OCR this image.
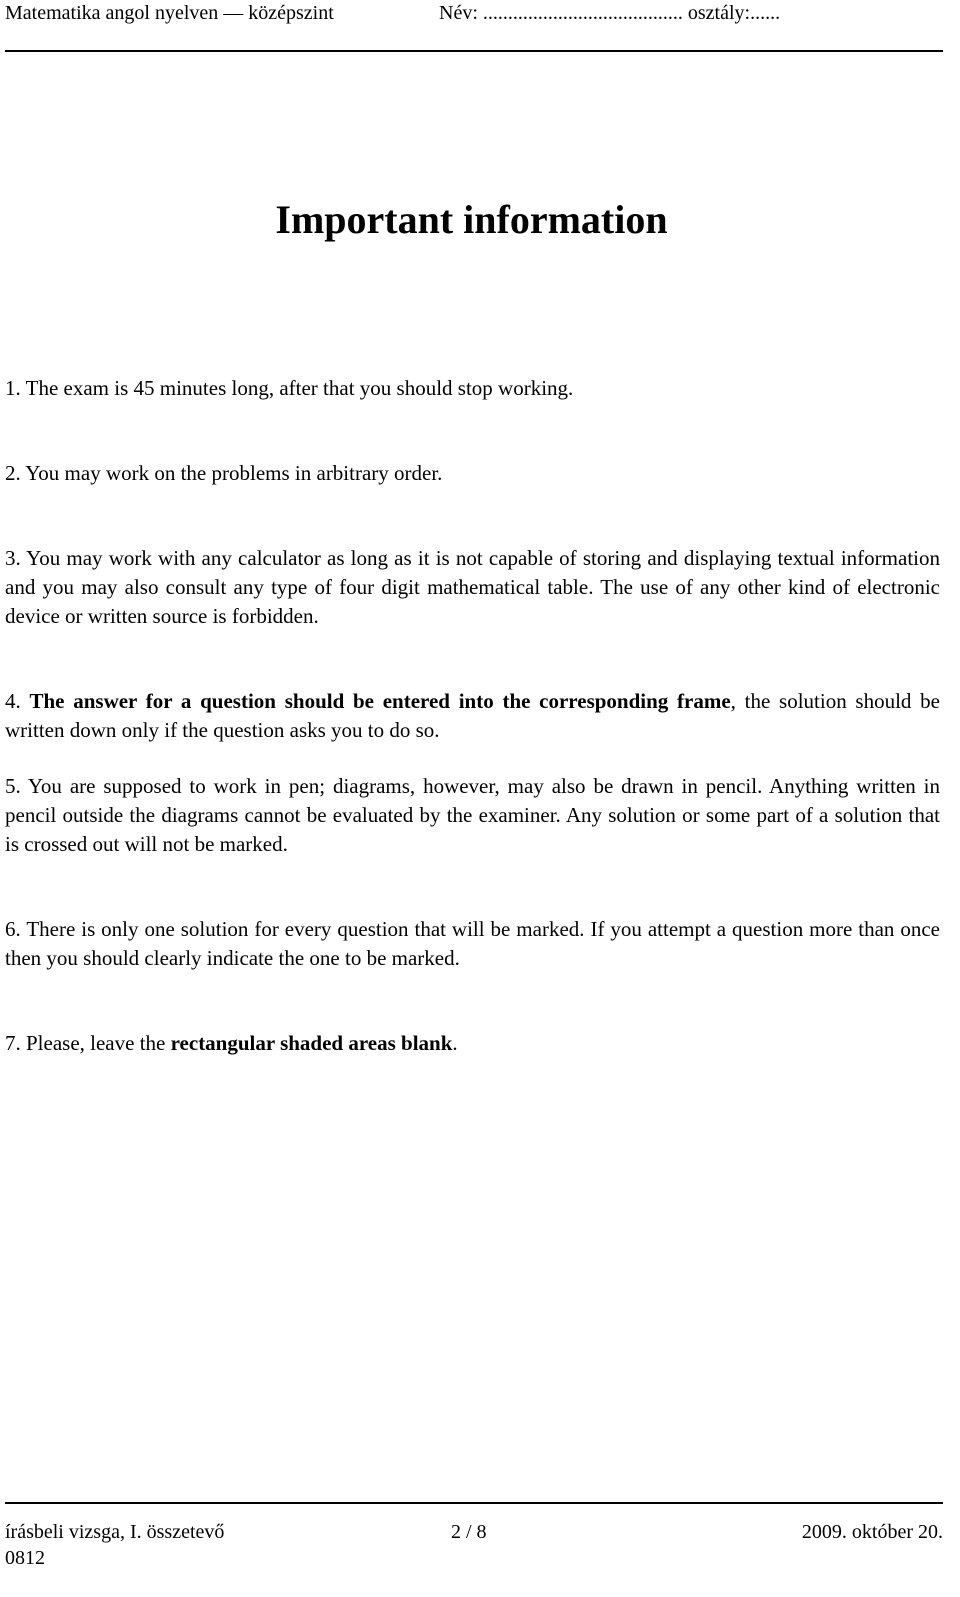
Matematika angol nyelven — középszint	Név: ........................................ osztály:......
Important information

1. The exam is 45 minutes long, after that you should stop working.

2. You may work on the problems in arbitrary order.

3. You may work with any calculator as long as it is not capable of storing and displaying textual information and you may also consult any type of four digit mathematical table. The use of any other kind of electronic device or written source is forbidden.

4. The answer for a question should be entered into the corresponding frame, the solution should be written down only if the question asks you to do so.

5. You are supposed to work in pen; diagrams, however, may also be drawn in pencil. Anything written in pencil outside the diagrams cannot be evaluated by the examiner. Any solution or some part of a solution that is crossed out will not be marked.

6. There is only one solution for every question that will be marked. If you attempt a question more than once then you should clearly indicate the one to be marked.

7. Please, leave the rectangular shaded areas blank.

írásbeli vizsga, I. összetevő	2 / 8	2009. október 20.
0812
